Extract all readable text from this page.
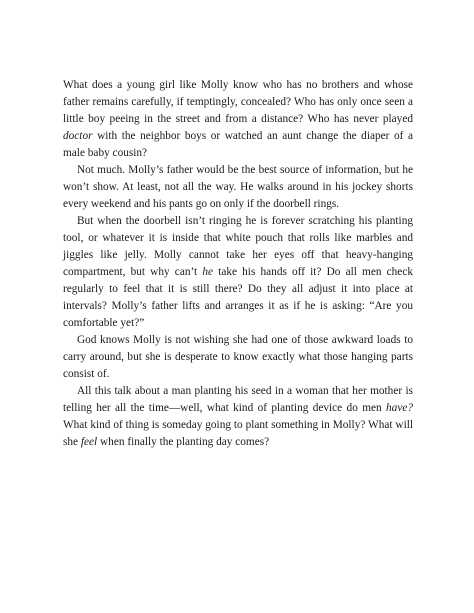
What does a young girl like Molly know who has no brothers and whose father remains carefully, if temptingly, concealed? Who has only once seen a little boy peeing in the street and from a distance? Who has never played doctor with the neighbor boys or watched an aunt change the diaper of a male baby cousin?

Not much. Molly’s father would be the best source of information, but he won’t show. At least, not all the way. He walks around in his jockey shorts every weekend and his pants go on only if the doorbell rings.

But when the doorbell isn’t ringing he is forever scratching his planting tool, or whatever it is inside that white pouch that rolls like marbles and jiggles like jelly. Molly cannot take her eyes off that heavy-hanging compartment, but why can’t he take his hands off it? Do all men check regularly to feel that it is still there? Do they all adjust it into place at intervals? Molly’s father lifts and arranges it as if he is asking: “Are you comfortable yet?”

God knows Molly is not wishing she had one of those awkward loads to carry around, but she is desperate to know exactly what those hanging parts consist of.

All this talk about a man planting his seed in a woman that her mother is telling her all the time—well, what kind of planting device do men have? What kind of thing is someday going to plant something in Molly? What will she feel when finally the planting day comes?
